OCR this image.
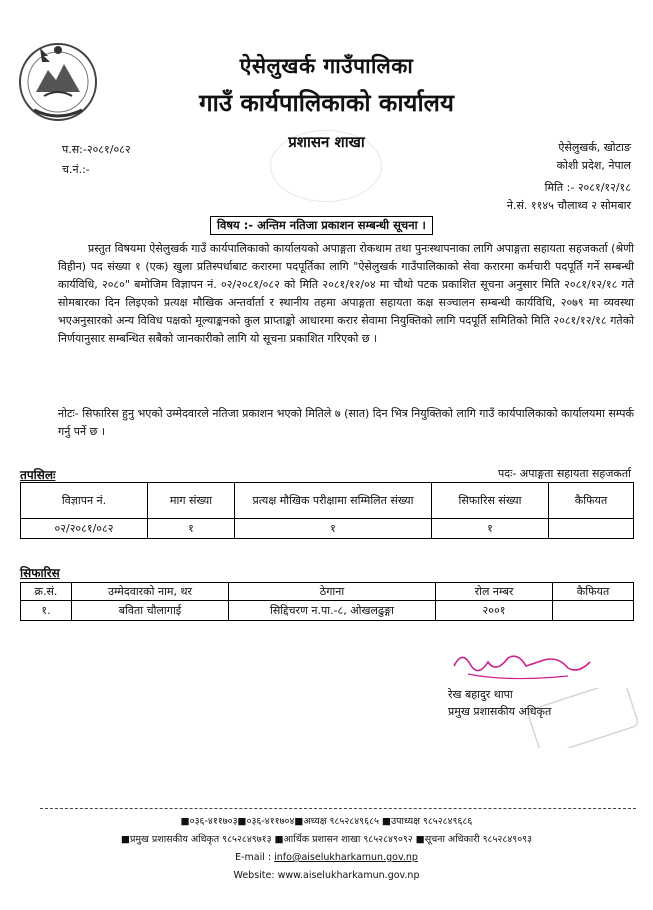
ऐसेलुखर्क गाउँपालिका
गाउँ कार्यपालिकाको कार्यालय
प.स:-२०८१/०८२
च.नं.:-
प्रशासन शाखा	ऐसेलुखर्क, खोटाङ
कोशी प्रदेश, नेपाल
मिति :- २०८१/१२/१८
ने.सं. ११४५ चौलाथ्व २ सोमबार
विषय :- अन्तिम नतिजा प्रकाशन सम्बन्धी सूचना ।
प्रस्तुत विषयमा ऐसेलुखर्क गाउँ कार्यपालिकाको कार्यालयको अपाङ्गता रोकथाम तथा पुनःस्थापनाका लागि अपाङ्गता सहायता सहजकर्ता (श्रेणी विहीन) पद संख्या १ (एक) खुला प्रतिस्पर्धाबाट करारमा पदपूर्तिका लागि "ऐसेलुखर्क गाउँपालिकाको सेवा करारमा कर्मचारी पदपूर्ति गर्ने सम्बन्धी कार्यविधि, २०८०" बमोजिम विज्ञापन नं. ०२/२०८१/०८२ को मिति २०८१/१२/०४ मा चौथो पटक प्रकाशित सूचना अनुसार मिति २०८१/१२/१८ गते सोमबारका दिन लिइएको प्रत्यक्ष मौखिक अन्तर्वार्ता र स्थानीय तहमा अपाङ्गता सहायता कक्ष सञ्चालन सम्बन्धी कार्यविधि, २०७९ मा व्यवस्था भएअनुसारको अन्य विविध पक्षको मूल्याङ्कनको कुल प्राप्ताङ्को आधारमा करार सेवामा नियुक्तिको लागि पदपूर्ति समितिको मिति २०८१/१२/१८ गतेको निर्णयानुसार सम्बन्धित सबैको जानकारीको लागि यो सूचना प्रकाशित गरिएको छ ।
नोटः- सिफारिस हुनु भएको उम्मेदवारले नतिजा प्रकाशन भएको मितिले ७ (सात) दिन भित्र नियुक्तिको लागि गाउँ कार्यपालिकाको कार्यालयमा सम्पर्क गर्नु पर्ने छ ।
तपसिलः	पदः- अपाङ्गता सहायता सहजकर्ता
विज्ञापन नं.	माग संख्या	प्रत्यक्ष मौखिक परीक्षामा सम्मिलित संख्या	सिफारिस संख्या	कैफियत
०२/२०८१/०८२	१	१	१	
सिफारिस
क्र.सं.	उम्मेदवारको नाम, थर	ठेगाना	रोल नम्बर	कैफियत
१.	बविता चौलागाई	सिद्दिचरण न.पा.-८, ओखलढुङ्गा	२००१	
रेख बहादुर थापा
प्रमुख प्रशासकीय अधिकृत
■०३६-४११७०३■०३६-४११७०४■अध्यक्ष ९८५२८४९६८५ ■उपाध्यक्ष ९८५२८४९६८६
■प्रमुख प्रशासकीय अधिकृत ९८५२८४९७१३ ■आर्थिक प्रशासन शाखा ९८५२८४९०९२ ■सूचना अधिकारी ९८५२८४९०९३
E-mail : info@aiselukharkamun.gov.np
Website: www.aiselukharkamun.gov.np
